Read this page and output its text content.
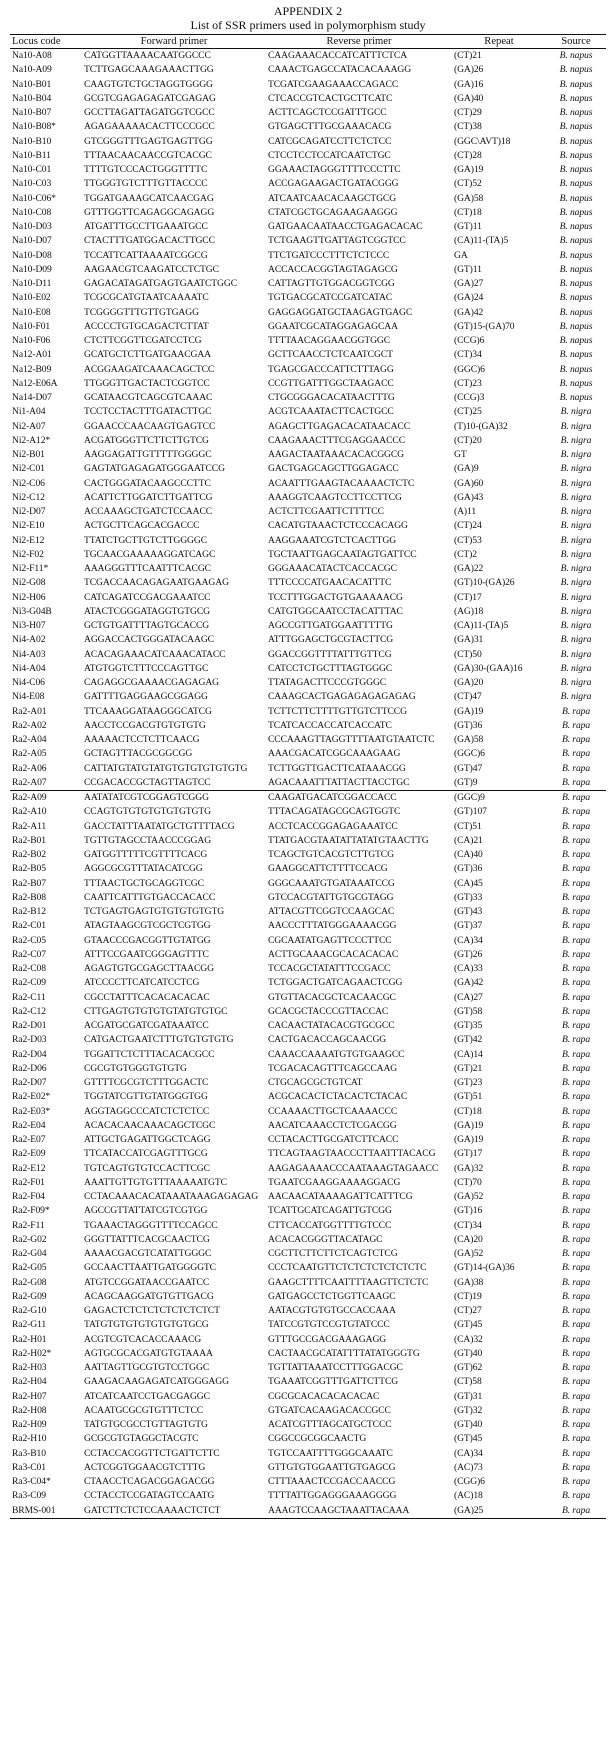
APPENDIX 2
List of SSR primers used in polymorphism study
Locus code	Forward primer	Reverse primer	Repeat	Source
Na10-A08	CATGGTTAAAACAATGGCCC	CAAGAAACACCATCATTTCTCA	(CT)21	B. napus
Na10-A09	TCTTGAGCAAAGAAACTTGG	CAAACTGAGCCATACACAAAGG	(GA)26	B. napus
Na10-B01	CAAGTGTCTGCTAGGTGGGG	TCGATCGAAGAAACCAGACC	(GA)16	B. napus
Na10-B04	GCGTCGAGAGAGATCGAGAG	CTCACCGTCACTGCTTCATC	(GA)40	B. napus
Na10-B07	GCCTTAGATTAGATGGTCGCC	ACTTCAGCTCCGATTTGCC	(CT)29	B. napus
Na10-B08*	AGAGAAAAACACTTCCCGCC	GTGAGCTTTGCGAAACACG	(CT)38	B. napus
Na10-B10	GTCGGGTTTGAGTGAGTTGG	CATCGCAGATCCTTCTCTCC	(GGC\AVT)18	B. napus
Na10-B11	TTTAACAACAACCGTCACGC	CTCCTCCTCCATCAATCTGC	(CT)28	B. napus
Na10-C01	TTTTGTCCCACTGGGTTTTC	GGAAACTAGGGTTTTCCCTTC	(GA)19	B. napus
Na10-C03	TTGGGTGTCTTTGTTACCCC	ACCGAGAAGACTGATACGGG	(CT)52	B. napus
Na10-C06*	TGGATGAAAGCATCAACGAG	ATCAATCAACACAAGCTGCG	(GA)58	B. napus
Na10-C08	GTTTGGTTCAGAGGCAGAGG	CTATCGCTGCAGAAGAAGGG	(CT)18	B. napus
Na10-D03	ATGATTTGCCTTGAAATGCC	GATGAACAATAACCTGAGACACAC	(GT)11	B. napus
Na10-D07	CTACTTTGATGGACACTTGCC	TCTGAAGTTGATTAGTCGGTCC	(CA)11-(TA)5	B. napus
Na10-D08	TCCATTCATTAAAATCGGCG	TTCTGATCCCTTTCTCTCCC	GA	B. napus
Na10-D09	AAGAACGTCAAGATCCTCTGC	ACCACCACGGTAGTAGAGCG	(GT)11	B. napus
Na10-D11	GAGACATAGATGAGTGAATCTGGC	CATTAGTTGTGGACGGTCGG	(GA)27	B. napus
Na10-E02	TCGCGCATGTAATCAAAATC	TGTGACGCATCCGATCATAC	(GA)24	B. napus
Na10-E08	TCGGGGTTTGTTGTGAGG	GAGGAGGATGCTAAGAGTGAGC	(GA)42	B. napus
Na10-F01	ACCCCTGTGCAGACTCTTAT	GGAATCGCATAGGAGAGCAA	(GT)15-(GA)70	B. napus
Na10-F06	CTCTTCGGTTCGATCCTCG	TTTTAACAGGAACGGTGGC	(CCG)6	B. napus
Na12-A01	GCATGCTCTTGATGAACGAA	GCTTCAACCTCTCAATCGCT	(CT)34	B. napus
Na12-B09	ACGGAAGATCAAACAGCTCC	TGAGCGACCCATTCTTTAGG	(GGC)6	B. napus
Na12-E06A	TTGGGTTGACTACTCGGTCC	CCGTTGATTTGGCTAAGACC	(CT)23	B. napus
Na14-D07	GCATAACGTCAGCGTCAAAC	CTGCGGGACACATAACTTTG	(CCG)3	B. napus
Ni1-A04	TCCTCCTACTTTGATACTTGC	ACGTCAAATACTTCACTGCC	(CT)25	B. nigra
Ni2-A07	GGAACCCAACAAGTGAGTCC	AGAGCTTGAGACACATAACACC	(T)10-(GA)32	B. nigra
Ni2-A12*	ACGATGGGTTCTTCTTGTCG	CAAGAAACTTTCGAGGAACCC	(CT)20	B. nigra
Ni2-B01	AAGGAGATTGTTTTTGGGGC	AAGACTAATAAACACACGGCG	GT	B. nigra
Ni2-C01	GAGTATGAGAGATGGGAATCCG	GACTGAGCAGCTTGGAGACC	(GA)9	B. nigra
Ni2-C06	CACTGGGATACAAGCCCTTC	ACAATTTGAAGTACAAAACTCTC	(GA)60	B. nigra
Ni2-C12	ACATTCTTGGATCTTGATTCG	AAAGGTCAAGTCCTTCCTTCG	(GA)43	B. nigra
Ni2-D07	ACCAAAGCTGATCTCCAACC	ACTCTTCGAATTCTTTTCC	(A)11	B. nigra
Ni2-E10	ACTGCTTCAGCACGACCC	CACATGTAAACTCTCCCACAGG	(CT)24	B. nigra
Ni2-E12	TTATCTGCTTGTCTTGGGGC	AAGGAAATCGTCTCACTTGG	(CT)53	B. nigra
Ni2-F02	TGCAACGAAAAAGGATCAGC	TGCTAATTGAGCAATAGTGATTCC	(CT)2	B. nigra
Ni2-F11*	AAAGGGTTTCAATTTCACGC	GGGAAACATACTCACCACGC	(GA)22	B. nigra
Ni2-G08	TCGACCAACAGAGAATGAAGAG	TTTCCCCATGAACACATTTC	(GT)10-(GA)26	B. nigra
Ni2-H06	CATCAGATCCGACGAAATCC	TCCTTTGGACTGTGAAAAACG	(CT)17	B. nigra
Ni3-G04B	ATACTCGGGATAGGTGTGCG	CATGTGGCAATCCTACATTTAC	(AG)18	B. nigra
Ni3-H07	GCTGTGATTTTAGTGCACCG	AGCCGTTGATGGAATTTTTG	(CA)11-(TA)5	B. nigra
Ni4-A02	AGGACCACTGGGATACAAGC	ATTTGGAGCTGCGTACTTCG	(GA)31	B. nigra
Ni4-A03	ACACAGAAACATCAAACATACC	GGACCGGTTTTATTTGTTCG	(CT)50	B. nigra
Ni4-A04	ATGTGGTCTTTCCCAGTTGC	CATCCTCTGCTTTAGTGGGC	(GA)30-(GAA)16	B. nigra
Ni4-C06	CAGAGGCGAAAACGAGAGAG	TTATAGACTTCCCGTGGGC	(GA)20	B. nigra
Ni4-E08	GATTTTGAGGAAGCGGAGG	CAAAGCACTGAGAGAGAGAGAG	(CT)47	B. nigra
Ra2-A01	TTCAAAGGATAAGGGCATCG	TCTTCTTCTTTTGTTGTCTTCCG	(GA)19	B. rapa
Ra2-A02	AACCTCCGACGTGTGTGTG	TCATCACCACCATCACCATC	(GT)36	B. rapa
Ra2-A04	AAAAACTCCTCTTCAACG	CCCAAAGTTAGGTTTTAATGTAATCTC	(GA)58	B. rapa
Ra2-A05	GCTAGTTTACGCGGCGG	AAACGACATCGGCAAAGAAG	(GGC)6	B. rapa
Ra2-A06	CATTATGTATGTATGTGTGTGTGTGTG	TCTTGGTTGACTTCATAAACGG	(GT)47	B. rapa
Ra2-A07	CCGACACCGCTAGTTAGTCC	AGACAAATTTATTACTTACCTGC	(GT)9	B. rapa
Ra2-A09	AATATATCGTCGGAGTCGGG	CAAGATGACATCGGACCACC	(GGC)9	B. rapa
Ra2-A10	CCAGTGTGTGTGTGTGTGTG	TTTACAGATAGCGCAGTGGTC	(GT)107	B. rapa
Ra2-A11	GACCTATTTAATATGCTGTTTTACG	ACCTCACCGGAGAGAAATCC	(CT)51	B. rapa
Ra2-B01	TGTTGTAGCCTAACCCGGAG	TTATGACGTAATATTATATGTAACTTG	(CA)21	B. rapa
Ra2-B02	GATGGTTTTTCGTTTTCACG	TCAGCTGTCACGTCTTGTCG	(CA)40	B. rapa
Ra2-B05	AGGCGCGTTTATACATCGG	GAAGGCATTCTTTTCCACG	(GT)36	B. rapa
Ra2-B07	TTTAACTGCTGCAGGTCGC	GGGCAAATGTGATAAATCCG	(CA)45	B. rapa
Ra2-B08	CAATTCATTTGTGACCACACC	GTCCACGTATTGTGCGTAGG	(GT)33	B. rapa
Ra2-B12	TCTGAGTGAGTGTGTGTGTGTG	ATTACGTTCGGTCCAAGCAC	(GT)43	B. rapa
Ra2-C01	ATAGTAAGCGTCGCTCGTGG	AACCCTTTATGGGAAAACGG	(GT)37	B. rapa
Ra2-C05	GTAACCCGACGGTTGTATGG	CGCAATATGAGTTCCCTTCC	(CA)34	B. rapa
Ra2-C07	ATTTCCGAATCGGGAGTTTC	ACTTGCAAACGCACACACAC	(GT)26	B. rapa
Ra2-C08	AGAGTGTGCGAGCTTAACGG	TCCACGCTATATTTCCGACC	(CA)33	B. rapa
Ra2-C09	ATCCCCTTCATCATCCTCG	TCTGGACTGATCAGAACTCGG	(GA)42	B. rapa
Ra2-C11	CGCCTATTTCACACACACAC	GTGTTACACGCTCACAACGC	(CA)27	B. rapa
Ra2-C12	CTTGAGTGTGTGTGTATGTGTGC	GCACGCTACCCGTTACCAC	(GT)58	B. rapa
Ra2-D01	ACGATGCGATCGATAAATCC	CACAACTATACACGTGCGCC	(GT)35	B. rapa
Ra2-D03	CATGACTGAATCTTTGTGTGTGTG	CACTGACACCAGCAACGG	(GT)42	B. rapa
Ra2-D04	TGGATTCTCTTTACACACGCC	CAAACCAAAATGTGTGAAGCC	(CA)14	B. rapa
Ra2-D06	CGCGTGTGGGTGTGTG	TCGACACAGTTTCAGCCAAG	(GT)21	B. rapa
Ra2-D07	GTTTTCGCGTCTTTGGACTC	CTGCAGCGCTGTCAT	(GT)23	B. rapa
Ra2-E02*	TGGTATCGTTGTATGGGTGG	ACGCACACTCTACACTCTACAC	(GT)51	B. rapa
Ra2-E03*	AGGTAGGCCCATCTCTCTCC	CCAAAACTTGCTCAAAACCC	(CT)18	B. rapa
Ra2-E04	ACACACAACAAACAGCTCGC	AACATCAAACCTCTCGACGG	(GA)19	B. rapa
Ra2-E07	ATTGCTGAGATTGGCTCAGG	CCTACACTTGCGATCTTCACC	(GA)19	B. rapa
Ra2-E09	TTCATACCATCGAGTTTGCG	TTCAGTAAGTAACCCTTAATTTACACG	(GT)17	B. rapa
Ra2-E12	TGTCAGTGTGTCCACTTCGC	AAGAGAAAACCCAATAAAGTAGAACC	(GA)32	B. rapa
Ra2-F01	AAATTGTTGTGTTTAAAAATGTC	TGAATCGAAGGAAAAGGACG	(CT)70	B. rapa
Ra2-F04	CCTACAAACACATAAATAAAGAGAGAG	AACAACATAAAAGATTCATTTCG	(GA)52	B. rapa
Ra2-F09*	AGCCGTTATTATCGTCGTGG	TCATTGCATCAGATTGTCGG	(GT)16	B. rapa
Ra2-F11	TGAAACTAGGGTTTTCCAGCC	CTTCACCATGGTTTTGTCCC	(CT)34	B. rapa
Ra2-G02	GGGTTATTTCACGCAACTCG	ACACACGGGTTACATAGC	(CA)20	B. rapa
Ra2-G04	AAAACGACGTCATATTGGGC	CGCTTCTTCTTCTCAGTCTCG	(GA)52	B. rapa
Ra2-G05	GCCAACTTAATTGATGGGGTC	CCCTCAATGTTCTCTCTCTCTCTCTC	(GT)14-(GA)36	B. rapa
Ra2-G08	ATGTCCGGATAACCGAATCC	GAAGCTTTTCAATTTTAAGTTCTCTC	(GA)38	B. rapa
Ra2-G09	ACAGCAAGGATGTGTTGACG	GATGAGCCTCTGGTTCAAGC	(CT)19	B. rapa
Ra2-G10	GAGACTCTCTCTCTCTCTCTCT	AATACGTGTGTGCCACCAAA	(CT)27	B. rapa
Ra2-G11	TATGTGTGTGTGTGTGTGCG	TATCCGTGTCCGTGTATCCC	(GT)45	B. rapa
Ra2-H01	ACGTCGTCACACCAAACG	GTTTGCCGACGAAAGAGG	(CA)32	B. rapa
Ra2-H02*	AGTGCGCACGATGTGTAAAA	CACTAACGCATATTTTATATGGGTG	(GT)40	B. rapa
Ra2-H03	AATTAGTTGCGTGTCCTGGC	TGTTATTAAATCCTTTGGACGC	(GT)62	B. rapa
Ra2-H04	GAAGACAAGAGATCATGGGAGG	TGAAATCGGTTTGATTCTTCG	(CT)58	B. rapa
Ra2-H07	ATCATCAATCCTGACGAGGC	CGCGCACACACACACAC	(GT)31	B. rapa
Ra2-H08	ACAATGCGCGTGTTTCTCC	GTGATCACAAGACACCGCC	(GT)32	B. rapa
Ra2-H09	TATGTGCGCCTGTTAGTGTG	ACATCGTTTAGCATGCTCCC	(GT)40	B. rapa
Ra2-H10	GCGCGTGTAGGCTACGTC	CGGCCGCGGCAACTG	(GT)45	B. rapa
Ra3-B10	CCTACCACGGTTCTGATTCTTC	TGTCCAATTTTGGGCAAATC	(CA)34	B. rapa
Ra3-C01	ACTCGGTGGAACGTCTTTG	GTTGTGTGGAATTGTGAGCG	(AC)73	B. rapa
Ra3-C04*	CTAACCTCAGACGGAGACGG	CTTTAAACTCCGACCAACCG	(CGG)6	B. rapa
Ra3-C09	CCTACCTCCGATAGTCCAATG	TTTTATTGGAGGGAAAGGGG	(AC)18	B. rapa
BRMS-001	GATCTTCTCTCCAAAACTCTCT	AAAGTCCAAGCTAAATTACAAA	(GA)25	B. rapa
